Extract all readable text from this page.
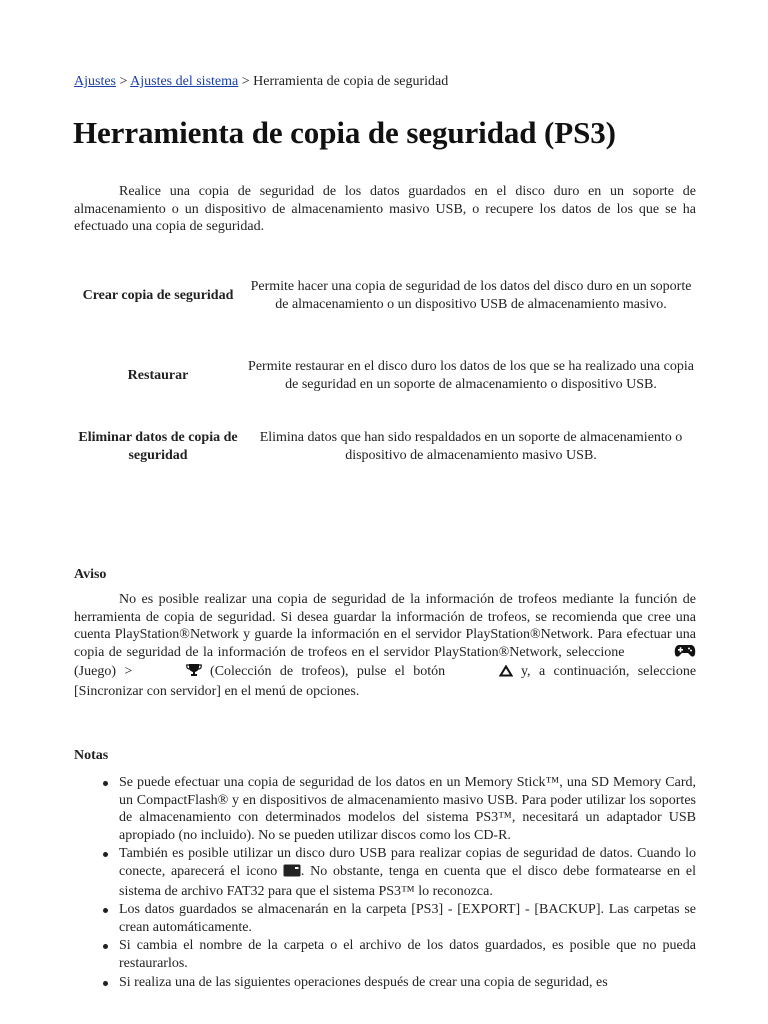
Ajustes > Ajustes del sistema > Herramienta de copia de seguridad
Herramienta de copia de seguridad (PS3)

Realice una copia de seguridad de los datos guardados en el disco duro en un soporte de almacenamiento o un dispositivo de almacenamiento masivo USB, o recupere los datos de los que se ha efectuado una copia de seguridad.

Crear copia de seguridad	Permite hacer una copia de seguridad de los datos del disco duro en un soporte de almacenamiento o un dispositivo USB de almacenamiento masivo.

Restaurar	Permite restaurar en el disco duro los datos de los que se ha realizado una copia de seguridad en un soporte de almacenamiento o dispositivo USB.

Eliminar datos de copia de seguridad	Elimina datos que han sido respaldados en un soporte de almacenamiento o dispositivo de almacenamiento masivo USB.
Aviso

No es posible realizar una copia de seguridad de la información de trofeos mediante la función de herramienta de copia de seguridad. Si desea guardar la información de trofeos, se recomienda que cree una cuenta PlayStation®Network y guarde la información en el servidor PlayStation®Network. Para efectuar una copia de seguridad de la información de trofeos en el servidor PlayStation®Network, seleccione  (Juego) >	(Colección de trofeos), pulse el botón	y, a continuación, seleccione [Sincronizar con servidor] en el menú de opciones.

Notas
Se puede efectuar una copia de seguridad de los datos en un Memory Stick™, una SD Memory Card, un CompactFlash® y en dispositivos de almacenamiento masivo USB. Para poder utilizar los soportes de almacenamiento con determinados modelos del sistema PS3™, necesitará un adaptador USB apropiado (no incluido). No se pueden utilizar discos como los CD-R.
También es posible utilizar un disco duro USB para realizar copias de seguridad de datos. Cuando lo conecte, aparecerá el icono . No obstante, tenga en cuenta que el disco debe formatearse en el sistema de archivo FAT32 para que el sistema PS3™ lo reconozca.
Los datos guardados se almacenarán en la carpeta [PS3] - [EXPORT] - [BACKUP]. Las carpetas se crean automáticamente.
Si cambia el nombre de la carpeta o el archivo de los datos guardados, es posible que no pueda restaurarlos.
Si realiza una de las siguientes operaciones después de crear una copia de seguridad, es
